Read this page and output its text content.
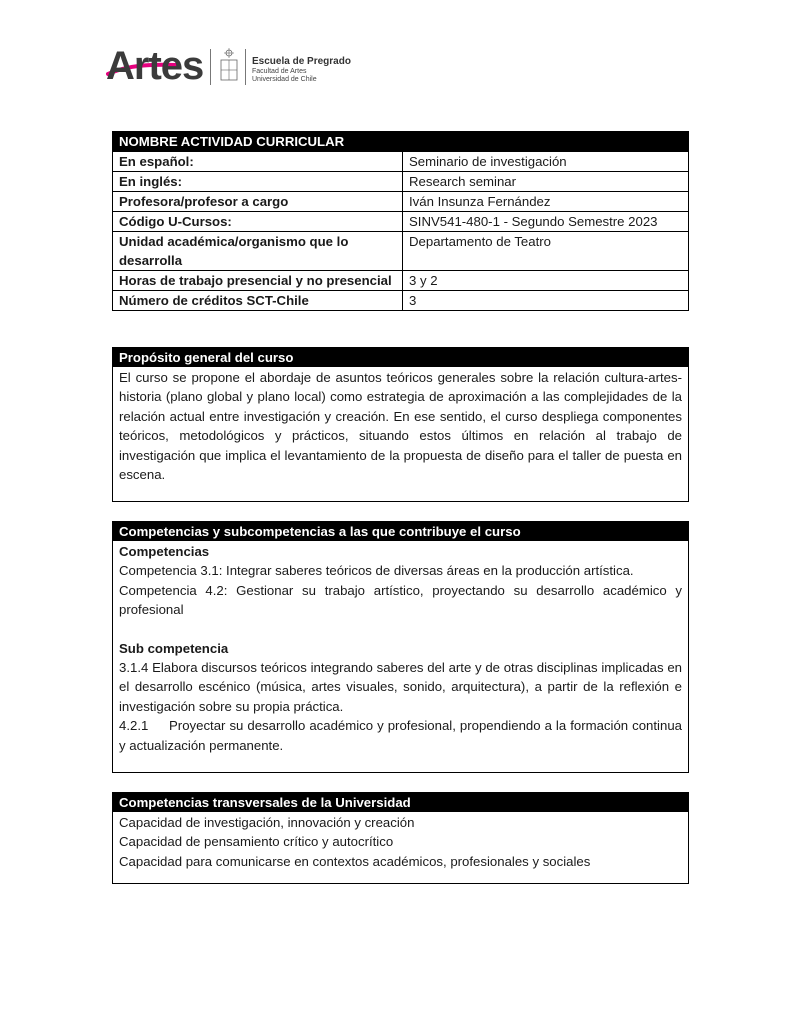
Artes	Escuela de Pregrado
Facultad de Artes
Universidad de Chile
NOMBRE ACTIVIDAD CURRICULAR	
En español:	Seminario de investigación
En inglés:	Research seminar
Profesora/profesor a cargo	Iván Insunza Fernández
Código U-Cursos:	SINV541-480-1 - Segundo Semestre 2023
Unidad académica/organismo que lo desarrolla	Departamento de Teatro
Horas de trabajo presencial y no presencial	3 y 2
Número de créditos SCT-Chile	3
Propósito general del curso

El curso se propone el abordaje de asuntos teóricos generales sobre la relación cultura-artes-historia (plano global y plano local) como estrategia de aproximación a las complejidades de la relación actual entre investigación y creación. En ese sentido, el curso despliega componentes teóricos, metodológicos y prácticos, situando estos últimos en relación al trabajo de investigación que implica el levantamiento de la propuesta de diseño para el taller de puesta en escena.

Competencias y subcompetencias a las que contribuye el curso

Competencias

Competencia 3.1: Integrar saberes teóricos de diversas áreas en la producción artística.

Competencia 4.2: Gestionar su trabajo artístico, proyectando su desarrollo académico y profesional

Sub competencia

3.1.4 Elabora discursos teóricos integrando saberes del arte y de otras disciplinas implicadas en el desarrollo escénico (música, artes visuales, sonido, arquitectura), a partir de la reflexión e investigación sobre su propia práctica.

4.2.1 Proyectar su desarrollo académico y profesional, propendiendo a la formación continua y actualización permanente.

Competencias transversales de la Universidad

Capacidad de investigación, innovación y creación

Capacidad de pensamiento crítico y autocrítico

Capacidad para comunicarse en contextos académicos, profesionales y sociales
